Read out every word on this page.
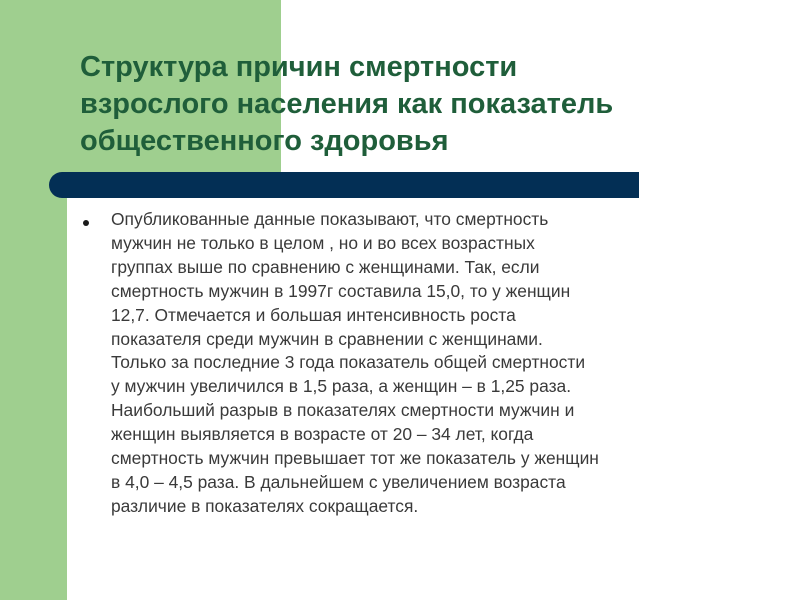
Структура причин смертности
взрослого населения как показатель
общественного здоровья

Опубликованные данные показывают, что смертность
мужчин не только в целом , но и во всех возрастных
группах выше по сравнению с женщинами. Так, если
смертность мужчин в 1997г составила 15,0, то у женщин
12,7. Отмечается и большая интенсивность роста
показателя среди мужчин в сравнении с женщинами.
Только за последние 3 года показатель общей смертности
у мужчин увеличился в 1,5 раза, а женщин – в 1,25 раза.
Наибольший разрыв в показателях смертности мужчин и
женщин выявляется в возрасте от 20 – 34 лет, когда
смертность мужчин превышает тот же показатель у женщин
в 4,0 – 4,5 раза. В дальнейшем с увеличением возраста
различие в показателях сокращается.
